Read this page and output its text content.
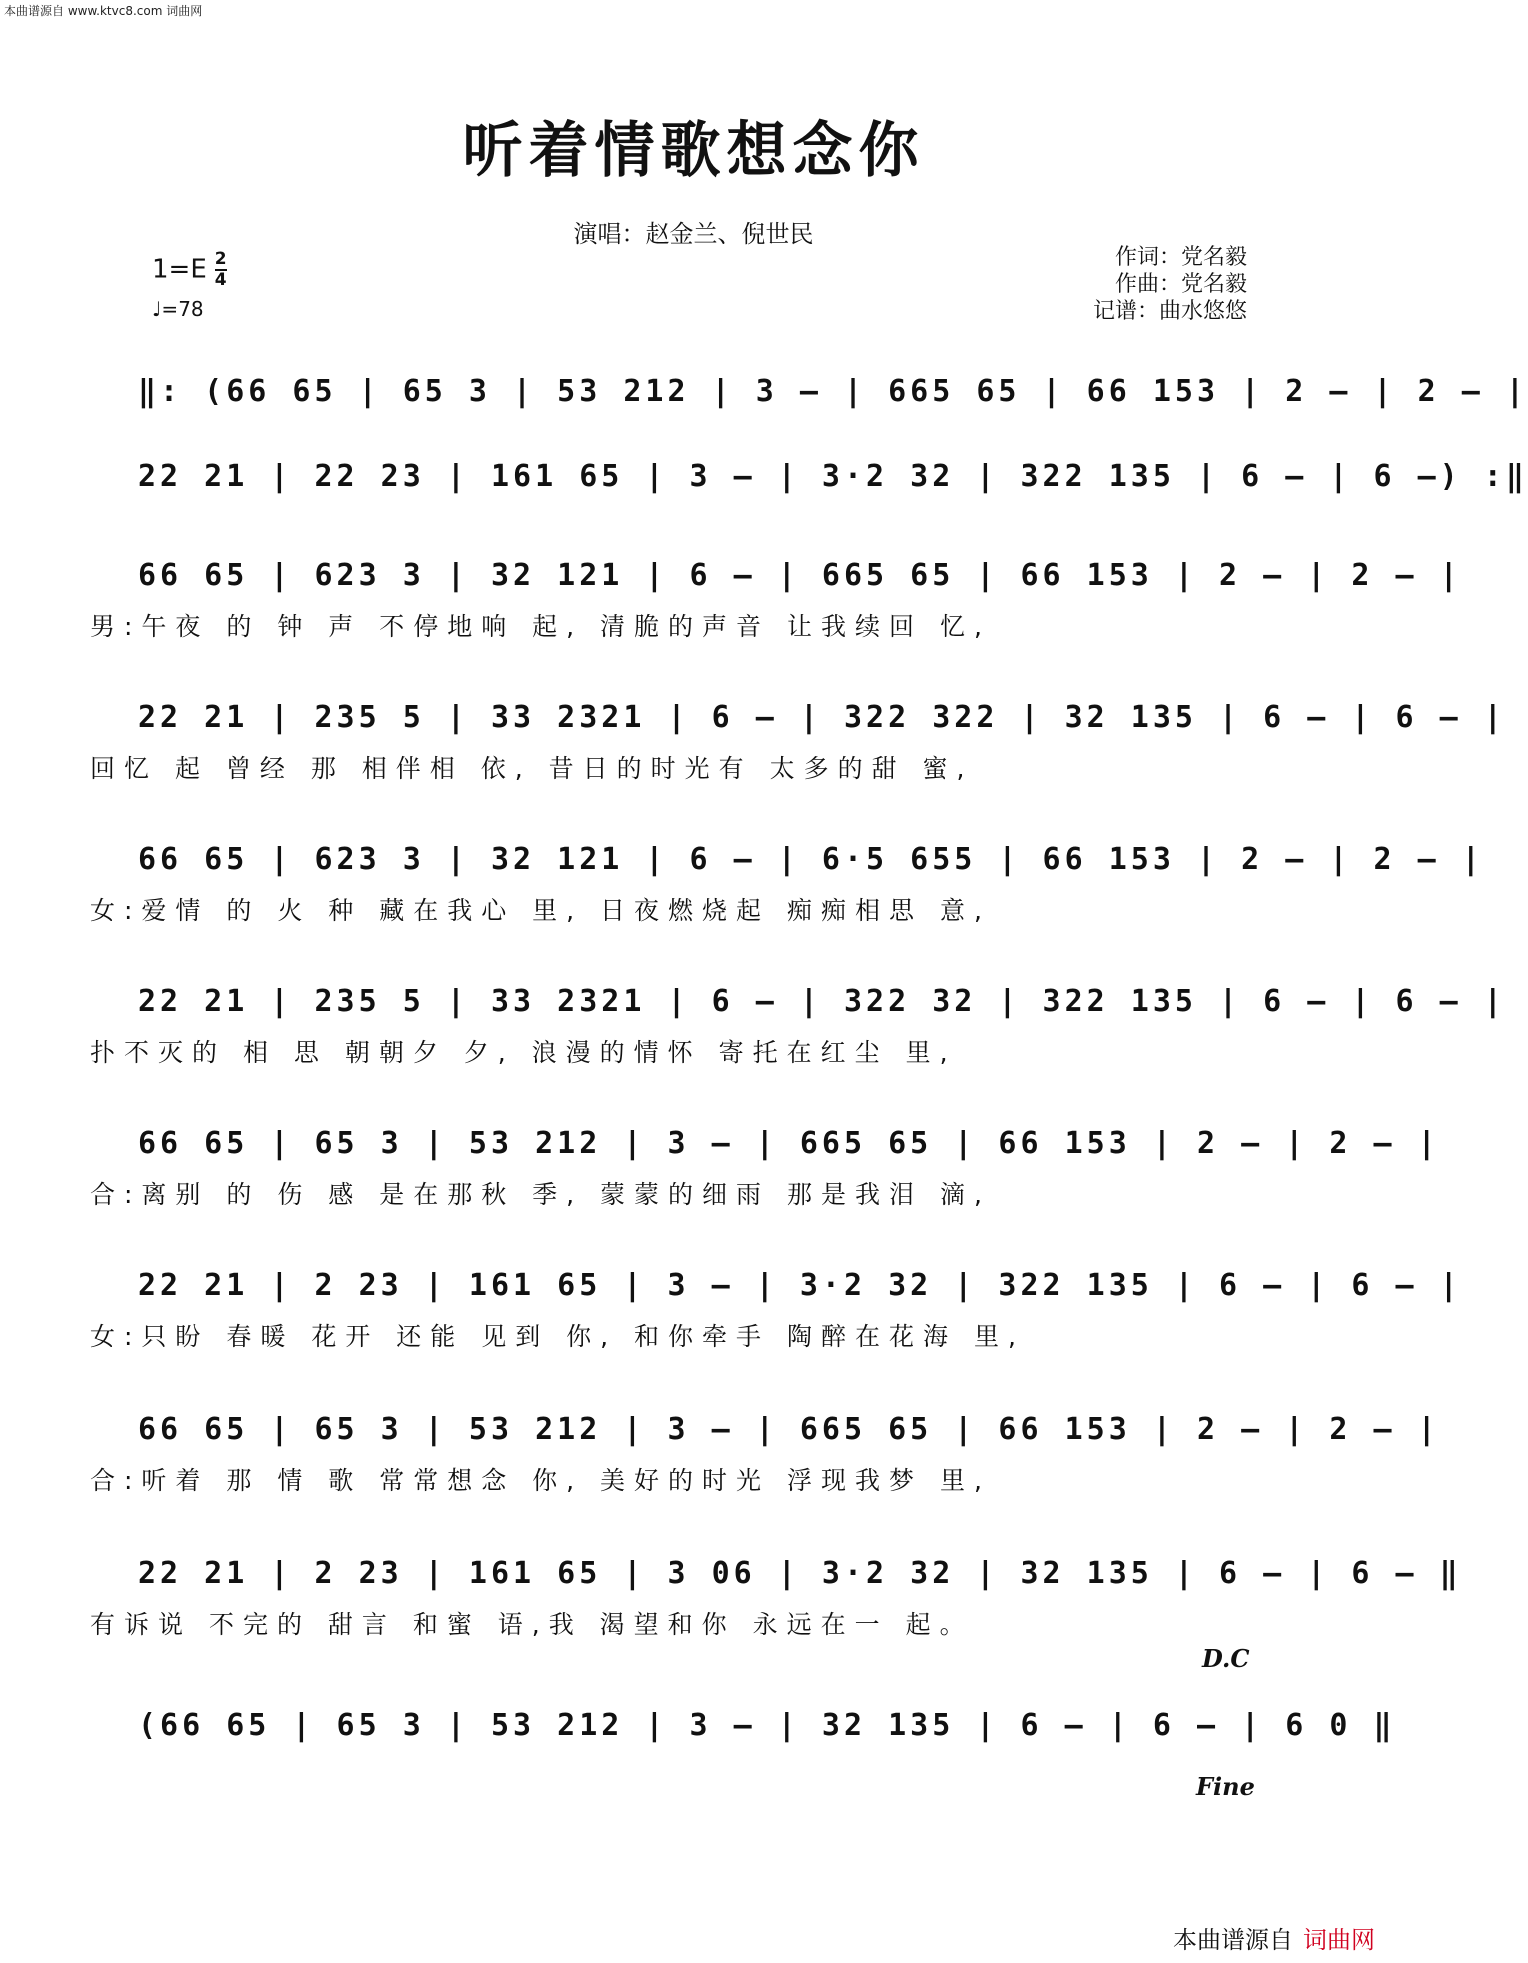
本曲谱源自 www.ktvc8.com 词曲网
听着情歌想念你
演唱：赵金兰、倪世民
$1=E \frac{2}{4}$
♩=78
作词：党名毅
作曲：党名毅
记谱：曲水悠悠
‖: (66 65 | 65 3 | 53 212 | 3 – | 665 65 | 66 153 | 2 – | 2 – |
22 21 | 22 23 | 161 65 | 3 – | 3·2 32 | 322 135 | 6 – | 6 –) :‖
66 65 | 623 3 | 32 121 | 6 – | 665 65 | 66 153 | 2 – | 2 – |
男:午夜 的 钟 声 不停地响 起, 清脆的声音 让我续回 忆,
22 21 | 235 5 | 33 2321 | 6 – | 322 322 | 32 135 | 6 – | 6 – |
回忆 起 曾经 那 相伴相 依, 昔日的时光有 太多的甜 蜜,
66 65 | 623 3 | 32 121 | 6 – | 6·5 655 | 66 153 | 2 – | 2 – |
女:爱情 的 火 种 藏在我心 里, 日夜燃烧起 痴痴相思 意,
22 21 | 235 5 | 33 2321 | 6 – | 322 32 | 322 135 | 6 – | 6 – |
扑不灭的 相 思 朝朝夕 夕, 浪漫的情怀 寄托在红尘 里,
66 65 | 65 3 | 53 212 | 3 – | 665 65 | 66 153 | 2 – | 2 – |
合:离别 的 伤 感 是在那秋 季, 蒙蒙的细雨 那是我泪 滴,
22 21 | 2 23 | 161 65 | 3 – | 3·2 32 | 322 135 | 6 – | 6 – |
女:只盼 春暖 花开 还能 见到 你, 和你牵手 陶醉在花海 里,
66 65 | 65 3 | 53 212 | 3 – | 665 65 | 66 153 | 2 – | 2 – |
合:听着 那 情 歌 常常想念 你, 美好的时光 浮现我梦 里,
22 21 | 2 23 | 161 65 | 3 06 | 3·2 32 | 32 135 | 6 – | 6 – ‖
有诉说 不完的 甜言 和蜜 语,我 渴望和你 永远在一 起。
D.C
(66 65 | 65 3 | 53 212 | 3 – | 32 135 | 6 – | 6 – | 6 0 ‖
Fine
本曲谱源自 词曲网
